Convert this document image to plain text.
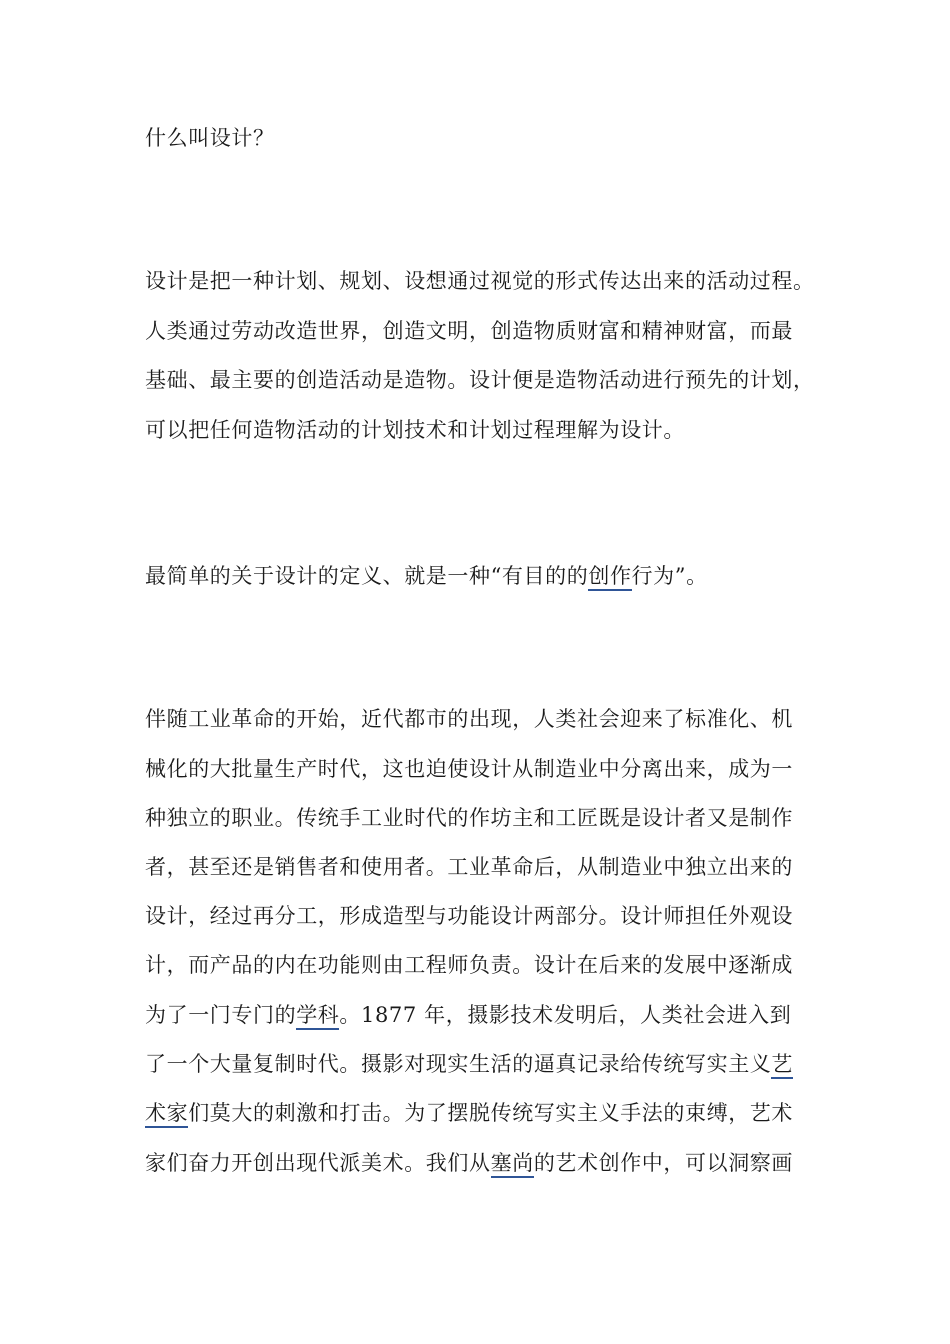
什么叫设计？
设计是把一种计划、规划、设想通过视觉的形式传达出来的活动过程。
人类通过劳动改造世界，创造文明，创造物质财富和精神财富，而最
基础、最主要的创造活动是造物。设计便是造物活动进行预先的计划，
可以把任何造物活动的计划技术和计划过程理解为设计。
最简单的关于设计的定义、就是一种“有目的的创作行为”。
伴随工业革命的开始，近代都市的出现，人类社会迎来了标准化、机
械化的大批量生产时代，这也迫使设计从制造业中分离出来，成为一
种独立的职业。传统手工业时代的作坊主和工匠既是设计者又是制作
者，甚至还是销售者和使用者。工业革命后，从制造业中独立出来的
设计，经过再分工，形成造型与功能设计两部分。设计师担任外观设
计，而产品的内在功能则由工程师负责。设计在后来的发展中逐渐成
为了一门专门的学科。1877 年，摄影技术发明后，人类社会进入到
了一个大量复制时代。摄影对现实生活的逼真记录给传统写实主义艺
术家们莫大的刺激和打击。为了摆脱传统写实主义手法的束缚，艺术
家们奋力开创出现代派美术。我们从塞尚的艺术创作中，可以洞察画
